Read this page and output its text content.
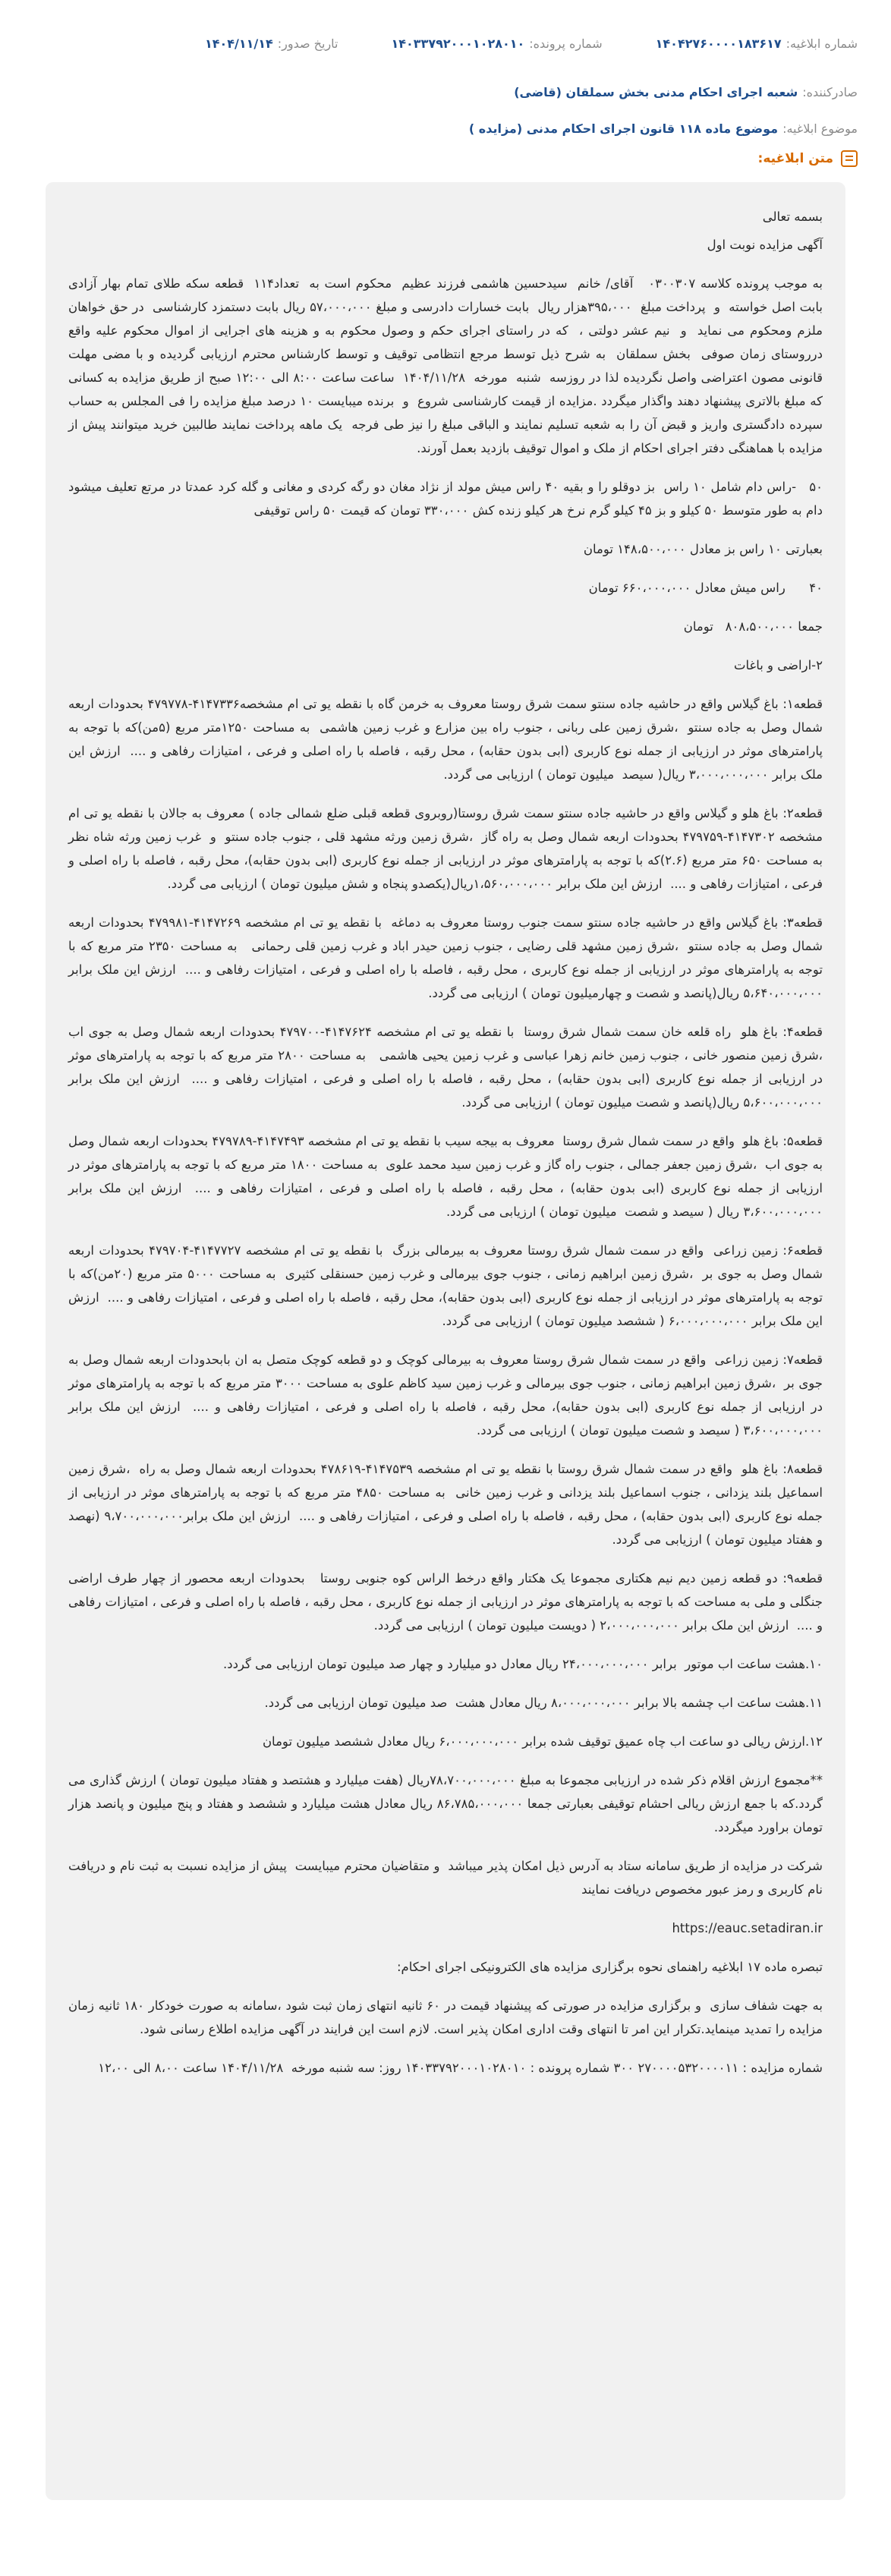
شماره ابلاغیه:
۱۴۰۴۲۷۶۰۰۰۰۱۸۳۶۱۷
شماره پرونده:
۱۴۰۳۳۷۹۲۰۰۰۱۰۲۸۰۱۰
تاریخ صدور:
۱۴۰۴/۱۱/۱۴
صادرکننده:
شعبه اجرای احکام مدنی بخش سملقان (قاضی)
موضوع ابلاغیه:
موضوع ماده ۱۱۸ قانون اجرای احکام مدنی (مزایده )
متن ابلاغیه:

بسمه تعالی

آگهی مزایده نوبت اول

به موجب پرونده کلاسه ۰۳۰۰۳۰۷   آقای/ خانم  سیدحسین هاشمی فرزند عظیم  محکوم است به  تعداد۱۱۴  قطعه سکه طلای تمام بهار آزادی  بابت اصل خواسته  و  پرداخت مبلغ  ۳۹۵،۰۰۰هزار ریال  بابت خسارات دادرسی و مبلغ ۵۷،۰۰۰،۰۰۰ ریال بابت دستمزد کارشناسی  در حق خواهان ملزم ومحکوم می نماید  و  نیم عشر دولتی ،  که در راستای اجرای حکم و وصول محکوم به و هزینه های اجرایی از اموال محکوم علیه واقع درروستای زمان صوفی  بخش سملقان  به شرح ذیل توسط مرجع انتظامی توقیف و توسط کارشناس محترم ارزیابی گردیده و با مضی مهلت قانونی مصون اعتراضی واصل نگردیده لذا در روزسه  شنبه  مورخه  ۱۴۰۴/۱۱/۲۸  ساعت ساعت ۸:۰۰ الی ۱۲:۰۰ صبح از طریق مزایده به کسانی که مبلغ بالاتری پیشنهاد دهند واگذار میگردد .مزایده از قیمت کارشناسی شروع  و  برنده میبایست ۱۰ درصد مبلغ مزایده را فی المجلس به حساب سپرده دادگستری واریز و قبض آن را به شعبه تسلیم نمایند و الباقی مبلغ را نیز طی فرجه  یک ماهه پرداخت نمایند طالبین خرید میتوانند پیش از مزایده با هماهنگی دفتر اجرای احکام از ملک و اموال توقیف بازدید بعمل آورند.

۵۰   -راس دام شامل ۱۰ راس  بز دوقلو را و بقیه ۴۰ راس میش مولد از نژاد مغان دو رگه کردی و مغانی و گله کرد عمدتا در مرتع تعلیف میشود دام به طور متوسط ۵۰ کیلو و بز ۴۵ کیلو گرم نرخ هر کیلو زنده کش ۳۳۰،۰۰۰ تومان که قیمت ۵۰ راس توقیفی

بعبارتی ۱۰ راس بز معادل ۱۴۸،۵۰۰،۰۰۰ تومان

۴۰      راس میش معادل ۶۶۰،۰۰۰،۰۰۰ تومان

جمعا ۸۰۸،۵۰۰،۰۰۰   تومان

۲-اراضی و باغات

قطعه۱: باغ گیلاس واقع در حاشیه جاده سنتو سمت شرق روستا معروف به خرمن گاه با نقطه یو تی ام مشخصه۴۱۴۷۳۳۶-۴۷۹۷۷۸ بحدودات اربعه شمال وصل به جاده سنتو  ،شرق زمین علی ربانی ، جنوب راه بین مزارع و غرب زمین هاشمی  به مساحت ۱۲۵۰متر مربع (۵من)که با توجه به پارامترهای موثر در ارزیابی از جمله نوع کاربری (ابی بدون حقابه) ، محل رقبه ، فاصله با راه اصلی و فرعی ، امتیازات رفاهی و ....  ارزش این ملک برابر ۳،۰۰۰،۰۰۰،۰۰۰ ریال( سیصد  میلیون تومان ) ارزیابی می گردد.

قطعه۲: باغ هلو و گیلاس واقع در حاشیه جاده سنتو سمت شرق روستا(روبروی قطعه قبلی ضلع شمالی جاده ) معروف به جالان با نقطه یو تی ام مشخصه ۴۱۴۷۳۰۲-۴۷۹۷۵۹ بحدودات اربعه شمال وصل به راه گاز  ،شرق زمین ورثه مشهد قلی ، جنوب جاده سنتو  و  غرب زمین ورثه شاه نظر  به مساحت ۶۵۰ متر مربع (۲.۶)که با توجه به پارامترهای موثر در ارزیابی از جمله نوع کاربری (ابی بدون حقابه)، محل رقبه ، فاصله با راه اصلی و فرعی ، امتیازات رفاهی و ....  ارزش این ملک برابر ۱،۵۶۰،۰۰۰،۰۰۰ریال(یکصدو پنجاه و شش میلیون تومان ) ارزیابی می گردد.

قطعه۳: باغ گیلاس واقع در حاشیه جاده سنتو سمت جنوب روستا معروف به دماغه  با نقطه یو تی ام مشخصه ۴۱۴۷۲۶۹-۴۷۹۹۸۱ بحدودات اربعه شمال وصل به جاده سنتو  ،شرق زمین مشهد قلی رضایی ، جنوب زمین حیدر اباد و غرب زمین قلی رحمانی   به مساحت ۲۳۵۰ متر مربع که با توجه به پارامترهای موثر در ارزیابی از جمله نوع کاربری ، محل رقبه ، فاصله با راه اصلی و فرعی ، امتیازات رفاهی و ....  ارزش این ملک برابر ۵،۶۴۰،۰۰۰،۰۰۰ ریال(پانصد و شصت و چهارمیلیون تومان ) ارزیابی می گردد.

قطعه۴: باغ هلو  راه قلعه خان سمت شمال شرق روستا  با نقطه یو تی ام مشخصه ۴۱۴۷۶۲۴-۴۷۹۷۰۰ بحدودات اربعه شمال وصل به جوی اب ،شرق زمین منصور خانی ، جنوب زمین خانم زهرا عباسی و غرب زمین یحیی هاشمی   به مساحت ۲۸۰۰ متر مربع که با توجه به پارامترهای موثر در ارزیابی از جمله نوع کاربری (ابی بدون حقابه) ، محل رقبه ، فاصله با راه اصلی و فرعی ، امتیازات رفاهی و ....  ارزش این ملک برابر ۵،۶۰۰،۰۰۰،۰۰۰ ریال(پانصد و شصت میلیون تومان ) ارزیابی می گردد.

قطعه۵: باغ هلو  واقع در سمت شمال شرق روستا  معروف به بیجه سیب با نقطه یو تی ام مشخصه ۴۱۴۷۴۹۳-۴۷۹۷۸۹ بحدودات اربعه شمال وصل به جوی اب  ،شرق زمین جعفر جمالی ، جنوب راه گاز و غرب زمین سید محمد علوی  به مساحت ۱۸۰۰ متر مربع که با توجه به پارامترهای موثر در ارزیابی از جمله نوع کاربری (ابی بدون حقابه) ، محل رقبه ، فاصله با راه اصلی و فرعی ، امتیازات رفاهی و ....  ارزش این ملک برابر ۳،۶۰۰،۰۰۰،۰۰۰ ریال ( سیصد و شصت  میلیون تومان ) ارزیابی می گردد.

قطعه۶: زمین زراعی  واقع در سمت شمال شرق روستا معروف به بیرمالی بزرگ  با نقطه یو تی ام مشخصه ۴۱۴۷۷۲۷-۴۷۹۷۰۴ بحدودات اربعه شمال وصل به جوی بر  ،شرق زمین ابراهیم زمانی ، جنوب جوی بیرمالی و غرب زمین حسنقلی کثیری  به مساحت ۵۰۰۰ متر مربع (۲۰من)که با توجه به پارامترهای موثر در ارزیابی از جمله نوع کاربری (ابی بدون حقابه)، محل رقبه ، فاصله با راه اصلی و فرعی ، امتیازات رفاهی و ....  ارزش این ملک برابر ۶،۰۰۰،۰۰۰،۰۰۰ ( ششصد میلیون تومان ) ارزیابی می گردد.

قطعه۷: زمین زراعی  واقع در سمت شمال شرق روستا معروف به بیرمالی کوچک و دو قطعه کوچک متصل به ان بابحدودات اربعه شمال وصل به جوی بر  ،شرق زمین ابراهیم زمانی ، جنوب جوی بیرمالی و غرب زمین سید کاظم علوی به مساحت ۳۰۰۰ متر مربع که با توجه به پارامترهای موثر در ارزیابی از جمله نوع کاربری (ابی بدون حقابه)، محل رقبه ، فاصله با راه اصلی و فرعی ، امتیازات رفاهی و ....  ارزش این ملک برابر ۳،۶۰۰،۰۰۰،۰۰۰ ( سیصد و شصت میلیون تومان ) ارزیابی می گردد.

قطعه۸: باغ هلو  واقع در سمت شمال شرق روستا با نقطه یو تی ام مشخصه ۴۱۴۷۵۳۹-۴۷۸۶۱۹ بحدودات اربعه شمال وصل به راه  ،شرق زمین اسماعیل بلند یزدانی ، جنوب اسماعیل بلند یزدانی و غرب زمین خانی  به مساحت ۴۸۵۰ متر مربع که با توجه به پارامترهای موثر در ارزیابی از جمله نوع کاربری (ابی بدون حقابه) ، محل رقبه ، فاصله با راه اصلی و فرعی ، امتیازات رفاهی و ....  ارزش این ملک برابر۹،۷۰۰،۰۰۰،۰۰۰ (نهصد و هفتاد میلیون تومان ) ارزیابی می گردد.

قطعه۹: دو قطعه زمین دیم نیم هکتاری مجموعا یک هکتار واقع درخط الراس کوه جنوبی روستا   بحدودات اربعه محصور از چهار طرف اراضی جنگلی و ملی به مساحت که با توجه به پارامترهای موثر در ارزیابی از جمله نوع کاربری ، محل رقبه ، فاصله با راه اصلی و فرعی ، امتیازات رفاهی و ....  ارزش این ملک برابر ۲،۰۰۰،۰۰۰،۰۰۰ ( دویست میلیون تومان ) ارزیابی می گردد.

۱۰.هشت ساعت اب موتور  برابر ۲۴،۰۰۰،۰۰۰،۰۰۰ ریال معادل دو میلیارد و چهار صد میلیون تومان ارزیابی می گردد.

۱۱.هشت ساعت اب چشمه بالا برابر ۸،۰۰۰،۰۰۰،۰۰۰ ریال معادل هشت  صد میلیون تومان ارزیابی می گردد.

۱۲.ارزش ریالی دو ساعت اب چاه عمیق توقیف شده برابر ۶،۰۰۰،۰۰۰،۰۰۰ ریال معادل ششصد میلیون تومان

**مجموع ارزش اقلام ذکر شده در ارزیابی مجموعا به مبلغ ۷۸،۷۰۰،۰۰۰،۰۰۰ریال (هفت میلیارد و هشتصد و هفتاد میلیون تومان ) ارزش گذاری می گردد.که با جمع ارزش ریالی احشام توقیفی بعبارتی جمعا ۸۶،۷۸۵،۰۰۰،۰۰۰ ریال معادل هشت میلیارد و ششصد و هفتاد و پنج میلیون و پانصد هزار تومان براورد میگردد.

شرکت در مزایده از طریق سامانه ستاد به آدرس ذیل امکان پذیر میباشد  و متقاضیان محترم میبایست  پیش از مزایده نسبت به ثبت نام و دریافت نام کاربری و رمز عبور مخصوص دریافت نمایند

https://eauc.setadiran.ir

تبصره ماده ۱۷ ابلاغیه راهنمای نحوه برگزاری مزایده های الکترونیکی اجرای احکام:

به جهت شفاف سازی  و برگزاری مزایده در صورتی که پیشنهاد قیمت در ۶۰ ثانیه انتهای زمان ثبت شود ،سامانه به صورت خودکار ۱۸۰ ثانیه زمان مزایده را تمدید مینماید.تکرار این امر تا انتهای وقت اداری امکان پذیر است. لازم است این فرایند در آگهی مزایده اطلاع رسانی شود.

شماره مزایده : ۲۷۰۰۰۰۵۳۲۰۰۰۰۱۱ ۳۰۰ شماره پرونده : ۱۴۰۳۳۷۹۲۰۰۰۱۰۲۸۰۱۰ روز: سه شنبه مورخه  ۱۴۰۴/۱۱/۲۸ ساعت ۸،۰۰ الی ۱۲،۰۰
